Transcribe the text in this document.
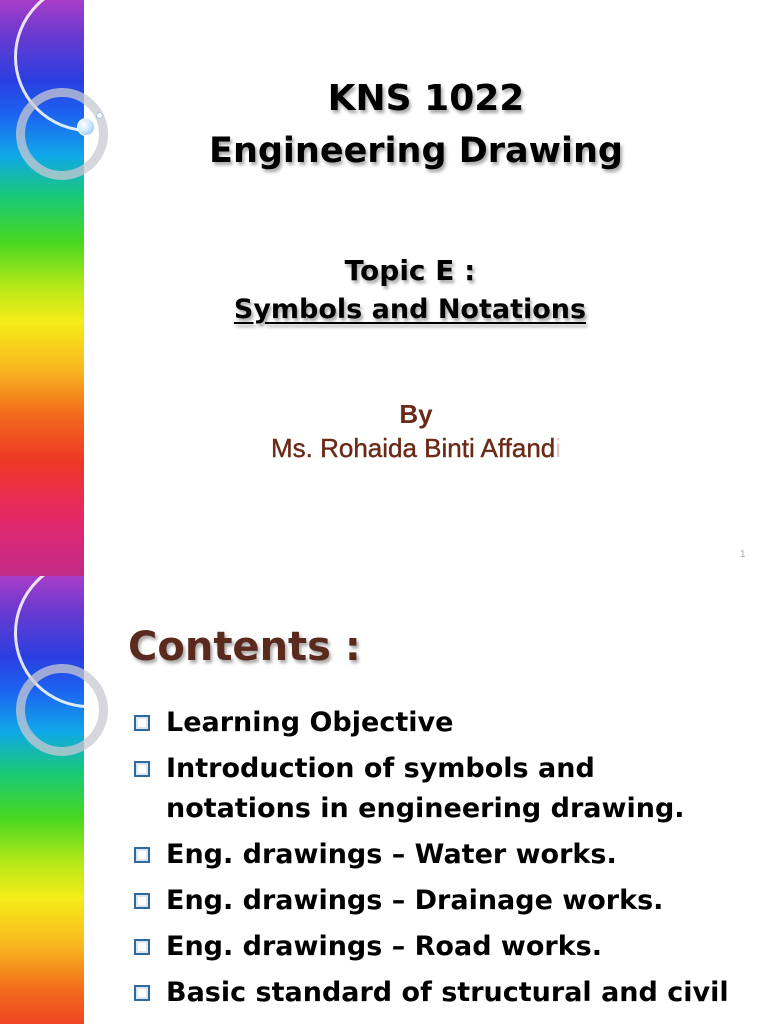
KNS 1022
Engineering Drawing
Topic E :
Symbols and Notations
By
Ms. Rohaida Binti Affandi
1
Contents :
Learning Objective
Introduction of symbols and
notations in engineering drawing.
Eng. drawings – Water works.
Eng. drawings – Drainage works.
Eng. drawings – Road works.
Basic standard of structural and civil
